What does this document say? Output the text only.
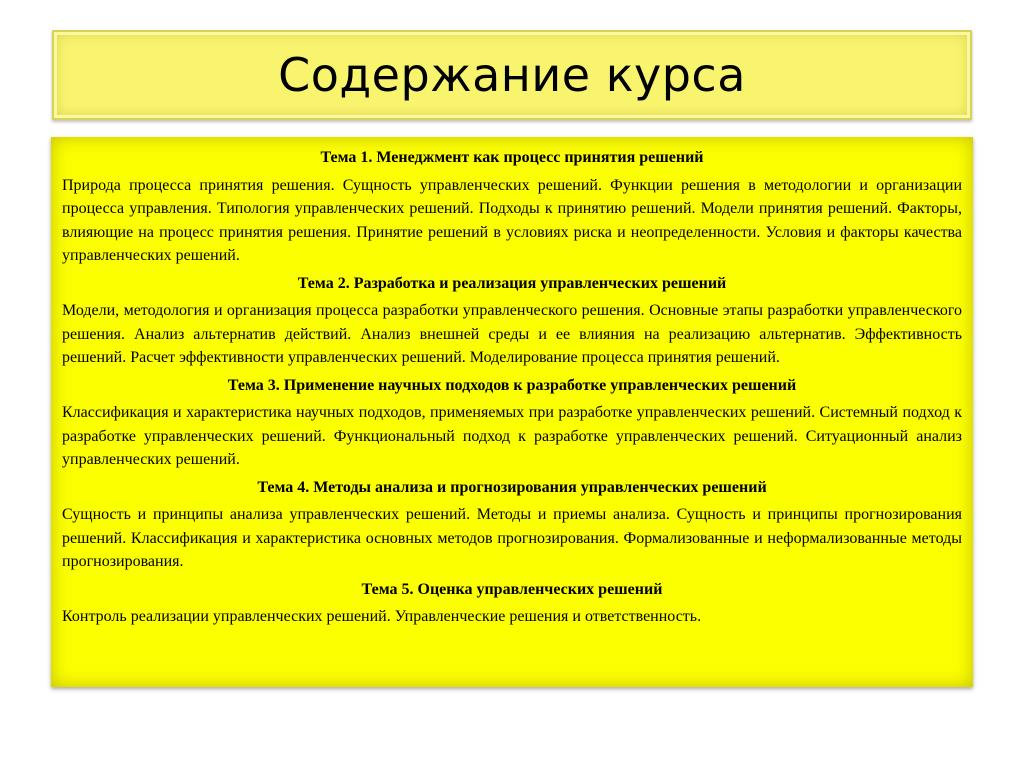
Содержание курса

Тема 1. Менеджмент как процесс принятия решений

Природа процесса принятия решения. Сущность управленческих решений. Функции решения в методологии и организации процесса управления. Типология управленческих решений. Подходы к принятию решений. Модели принятия решений. Факторы, влияющие на процесс принятия решения. Принятие решений в условиях риска и неопределенности. Условия и факторы качества управленческих решений.

Тема 2. Разработка и реализация управленческих решений

Модели, методология и организация процесса разработки управленческого решения. Основные этапы разработки управленческого решения. Анализ альтернатив действий. Анализ внешней среды и ее влияния на реализацию альтернатив. Эффективность решений. Расчет эффективности управленческих решений. Моделирование процесса принятия решений.

Тема 3. Применение научных подходов к разработке управленческих решений

Классификация и характеристика научных подходов, применяемых при разработке управленческих решений. Системный подход к разработке управленческих решений. Функциональный подход к разработке управленческих решений. Ситуационный анализ управленческих решений.

Тема 4. Методы анализа и прогнозирования управленческих решений

Сущность и принципы анализа управленческих решений. Методы и приемы анализа. Сущность и принципы прогнозирования решений. Классификация и характеристика основных методов прогнозирования. Формализованные и неформализованные методы прогнозирования.

Тема 5. Оценка управленческих решений

Контроль реализации управленческих решений. Управленческие решения и ответственность.
